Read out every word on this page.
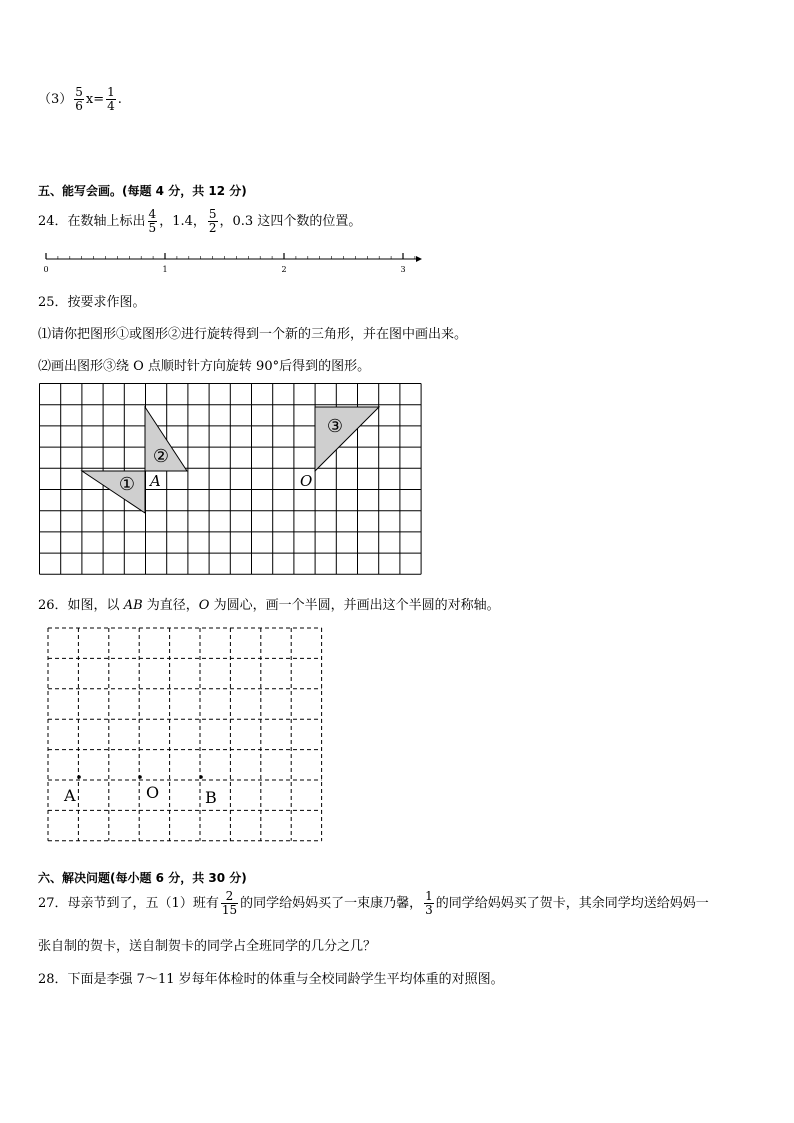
$(3) \frac{5}{6} x= \frac{1}{4}$ .
五、能写会画。(每题 4 分，共 12 分)
24．在数轴上标出 $\frac{4}{5}$ ，1.4， $\frac{5}{2}$ ，0.3 这四个数的位置。
0	1	2	3
25．按要求作图。
⑴请你把图形①或图形②进行旋转得到一个新的三角形，并在图中画出来。
⑵画出图形③绕 O 点顺时针方向旋转 90°后得到的图形。
①
②
③
A	O
26．如图，以 AB 为直径，O 为圆心，画一个半圆，并画出这个半圆的对称轴。
A	O	B
六、解决问题(每小题 6 分，共 30 分)
27．母亲节到了，五（1）班有 $\frac{2}{15}$ 的同学给妈妈买了一束康乃馨， $\frac{1}{3}$ 的同学给妈妈买了贺卡，其余同学均送给妈妈一
张自制的贺卡，送自制贺卡的同学占全班同学的几分之几？
28．下面是李强 7～11 岁每年体检时的体重与全校同龄学生平均体重的对照图。
